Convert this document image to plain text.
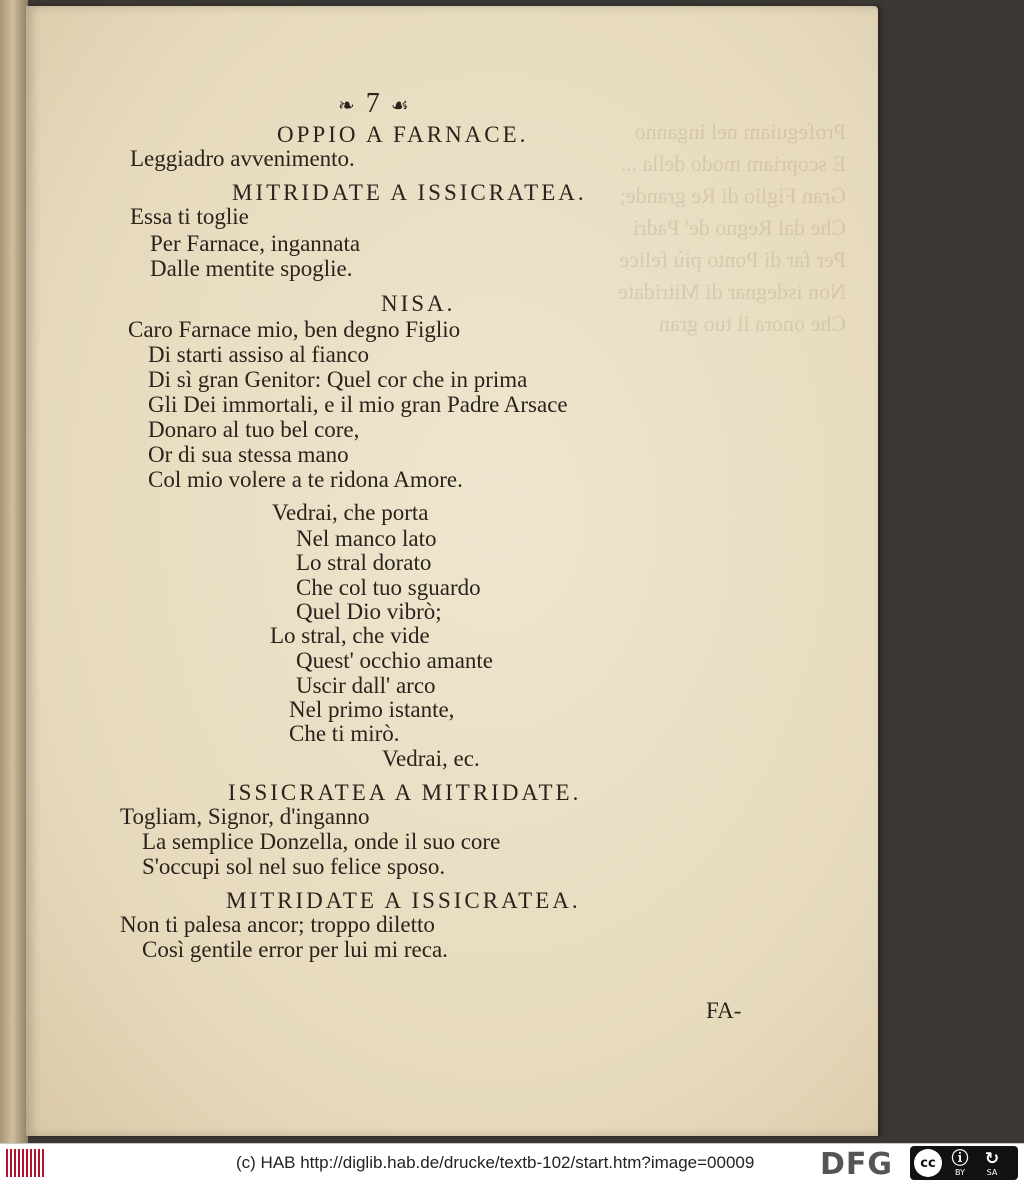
Profeguiam nel inganno
E scopriam modo della ...
Gran Figlio di Re grande;
Che dal Regno de' Padri
Per far di Ponto più felice
Non isdegnar di Mitridate
Che onora il tuo gran
❧ 7 ☙
OPPIO A FARNACE.
Leggiadro avvenimento.
MITRIDATE A ISSICRATEA.
Essa ti toglie
Per Farnace, ingannata
Dalle mentite spoglie.
NISA.
Caro Farnace mio, ben degno Figlio
Di starti assiso al fianco
Di sì gran Genitor: Quel cor che in prima
Gli Dei immortali, e il mio gran Padre Arsace
Donaro al tuo bel core,
Or di sua stessa mano
Col mio volere a te ridona Amore.
Vedrai, che porta
Nel manco lato
Lo stral dorato
Che col tuo sguardo
Quel Dio vibrò;
Lo stral, che vide
Quest' occhio amante
Uscir dall' arco
Nel primo istante,
Che ti mirò.
Vedrai, ec.
ISSICRATEA A MITRIDATE.
Togliam, Signor, d'inganno
La semplice Donzella, onde il suo core
S'occupi sol nel suo felice sposo.
MITRIDATE A ISSICRATEA.
Non ti palesa ancor; troppo diletto
Così gentile error per lui mi reca.
FA-
(c) HAB http://diglib.hab.de/drucke/textb-102/start.htm?image=00009 DFG	cc ⓘ
BY
↻
SA
